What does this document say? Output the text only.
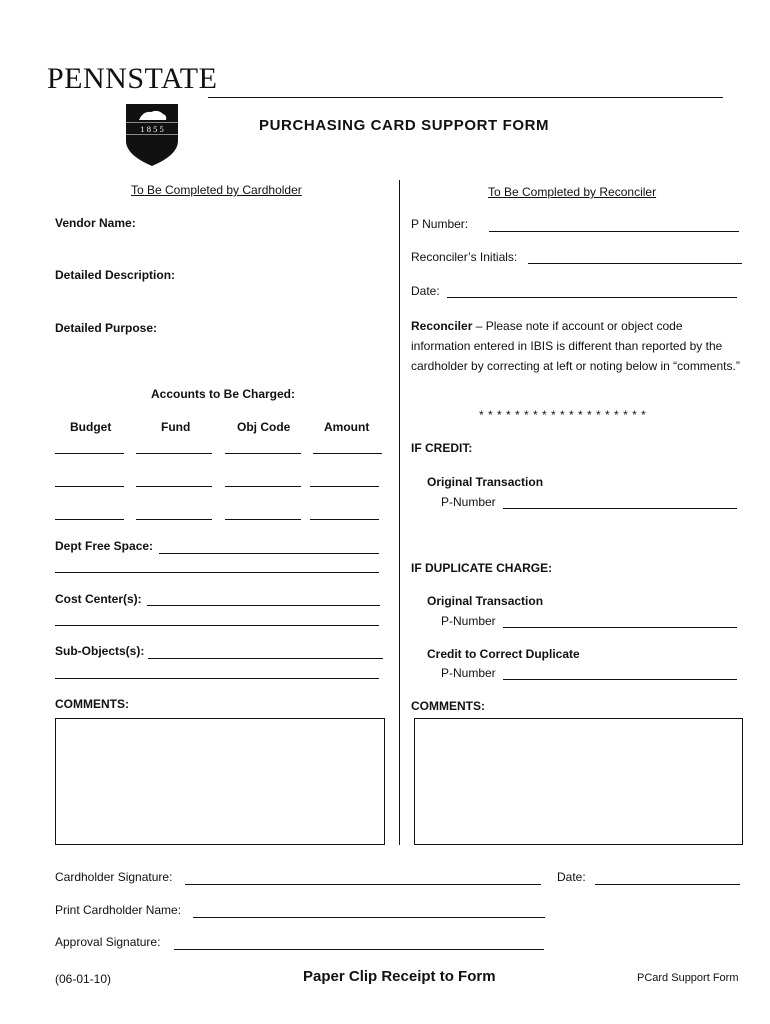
PENNSTATE
1 8 5 5	PURCHASING CARD SUPPORT FORM
To Be Completed by Cardholder
Vendor Name:
Detailed Description:
Detailed Purpose:
Accounts to Be Charged:
Budget	Fund	Obj Code	Amount
Dept Free Space:
Cost Center(s):
Sub-Objects(s):
COMMENTS:
To Be Completed by Reconciler
P Number:
Reconciler’s Initials:
Date:
Reconciler – Please note if account or object code information entered in IBIS is different than reported by the cardholder by correcting at left or noting below in “comments.”
* * * * * * * * * * * * * * * * * * *
IF CREDIT:
Original Transaction
P-Number
IF DUPLICATE CHARGE:
Original Transaction
P-Number
Credit to Correct Duplicate
P-Number
COMMENTS:
Cardholder Signature:	Date:
Print Cardholder Name:
Approval Signature:
(06-01-10)	Paper Clip Receipt to Form	PCard Support Form
